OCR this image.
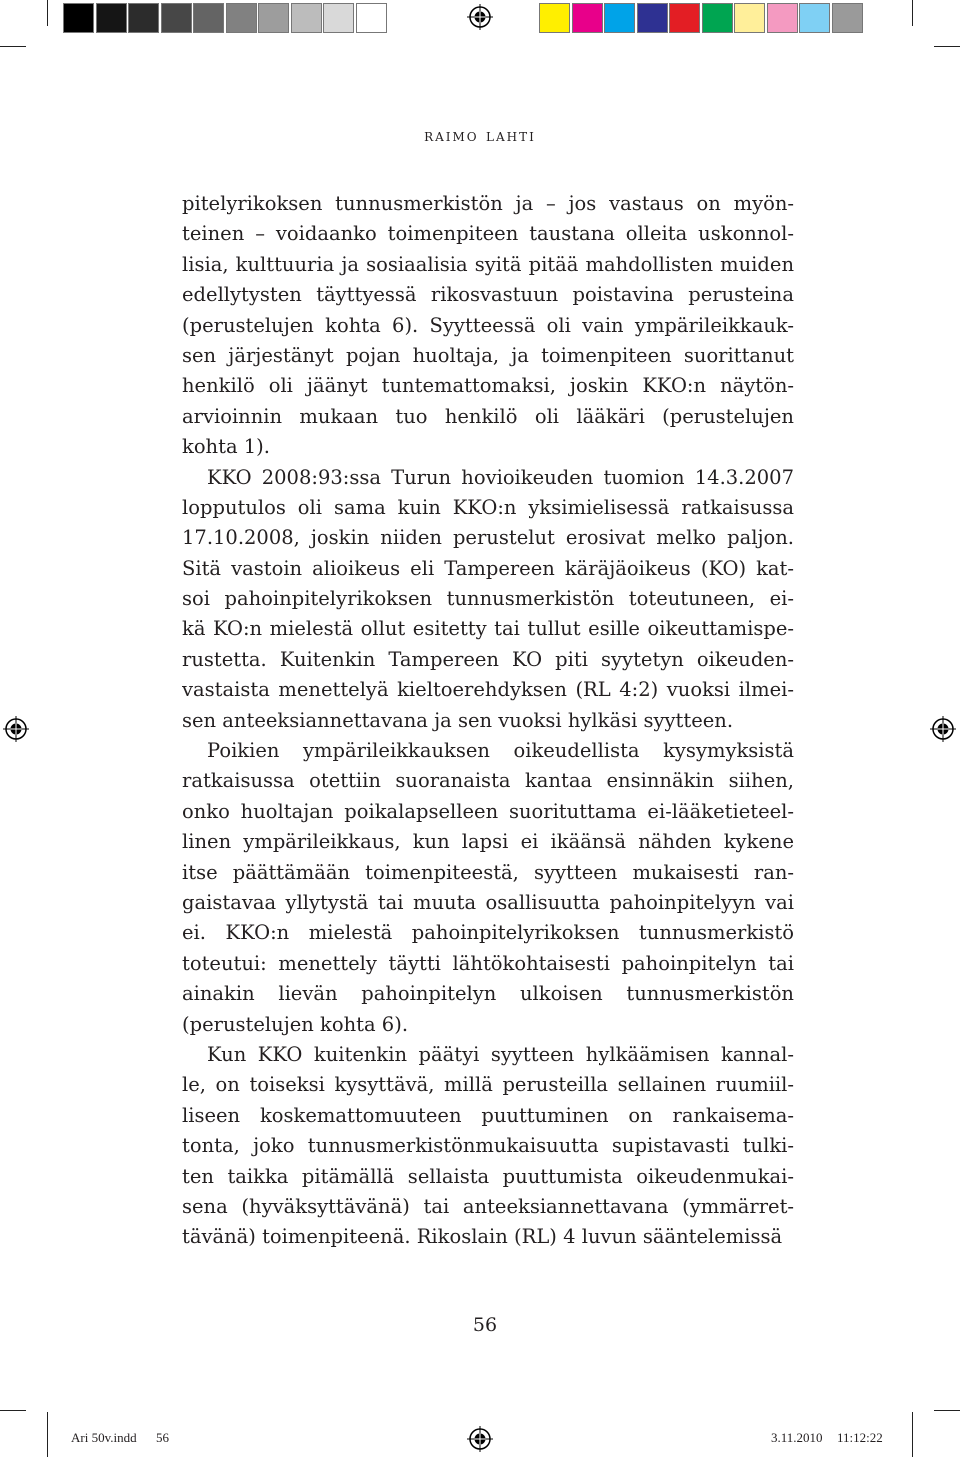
raimo lahti
pitelyrikoksen tunnusmerkistön ja – jos vastaus on myön-
teinen – voidaanko toimenpiteen taustana olleita uskonnol-
lisia, kulttuuria ja sosiaalisia syitä pitää mahdollisten muiden
edellytysten täyttyessä rikosvastuun poistavina perusteina
(perustelujen kohta 6). Syytteessä oli vain ympärileikkauk-
sen järjestänyt pojan huoltaja, ja toimenpiteen suorittanut
henkilö oli jäänyt tuntemattomaksi, joskin KKO:n näytön-
arvioinnin mukaan tuo henkilö oli lääkäri (perustelujen
kohta 1).
KKO 2008:93:ssa Turun hovioikeuden tuomion 14.3.2007
lopputulos oli sama kuin KKO:n yksimielisessä ratkaisussa
17.10.2008, joskin niiden perustelut erosivat melko paljon.
Sitä vastoin alioikeus eli Tampereen käräjäoikeus (KO) kat-
soi pahoinpitelyrikoksen tunnusmerkistön toteutuneen, ei-
kä KO:n mielestä ollut esitetty tai tullut esille oikeuttamispe-
rustetta. Kuitenkin Tampereen KO piti syytetyn oikeuden-
vastaista menettelyä kieltoerehdyksen (RL 4:2) vuoksi ilmei-
sen anteeksiannettavana ja sen vuoksi hylkäsi syytteen.
Poikien ympärileikkauksen oikeudellista kysymyksistä
ratkaisussa otettiin suoranaista kantaa ensinnäkin siihen,
onko huoltajan poikalapselleen suorituttama ei-lääketieteel-
linen ympärileikkaus, kun lapsi ei ikäänsä nähden kykene
itse päättämään toimenpiteestä, syytteen mukaisesti ran-
gaistavaa yllytystä tai muuta osallisuutta pahoinpitelyyn vai
ei. KKO:n mielestä pahoinpitelyrikoksen tunnusmerkistö
toteutui: menettely täytti lähtökohtaisesti pahoinpitelyn tai
ainakin lievän pahoinpitelyn ulkoisen tunnusmerkistön
(perustelujen kohta 6).
Kun KKO kuitenkin päätyi syytteen hylkäämisen kannal-
le, on toiseksi kysyttävä, millä perusteilla sellainen ruumiil-
liseen koskemattomuuteen puuttuminen on rankaisema-
tonta, joko tunnusmerkistönmukaisuutta supistavasti tulki-
ten taikka pitämällä sellaista puuttumista oikeudenmukai-
sena (hyväksyttävänä) tai anteeksiannettavana (ymmärret-
tävänä) toimenpiteenä. Rikoslain (RL) 4 luvun sääntelemissä
56
Ari 50v.indd 56	3.11.2010 11:12:22
